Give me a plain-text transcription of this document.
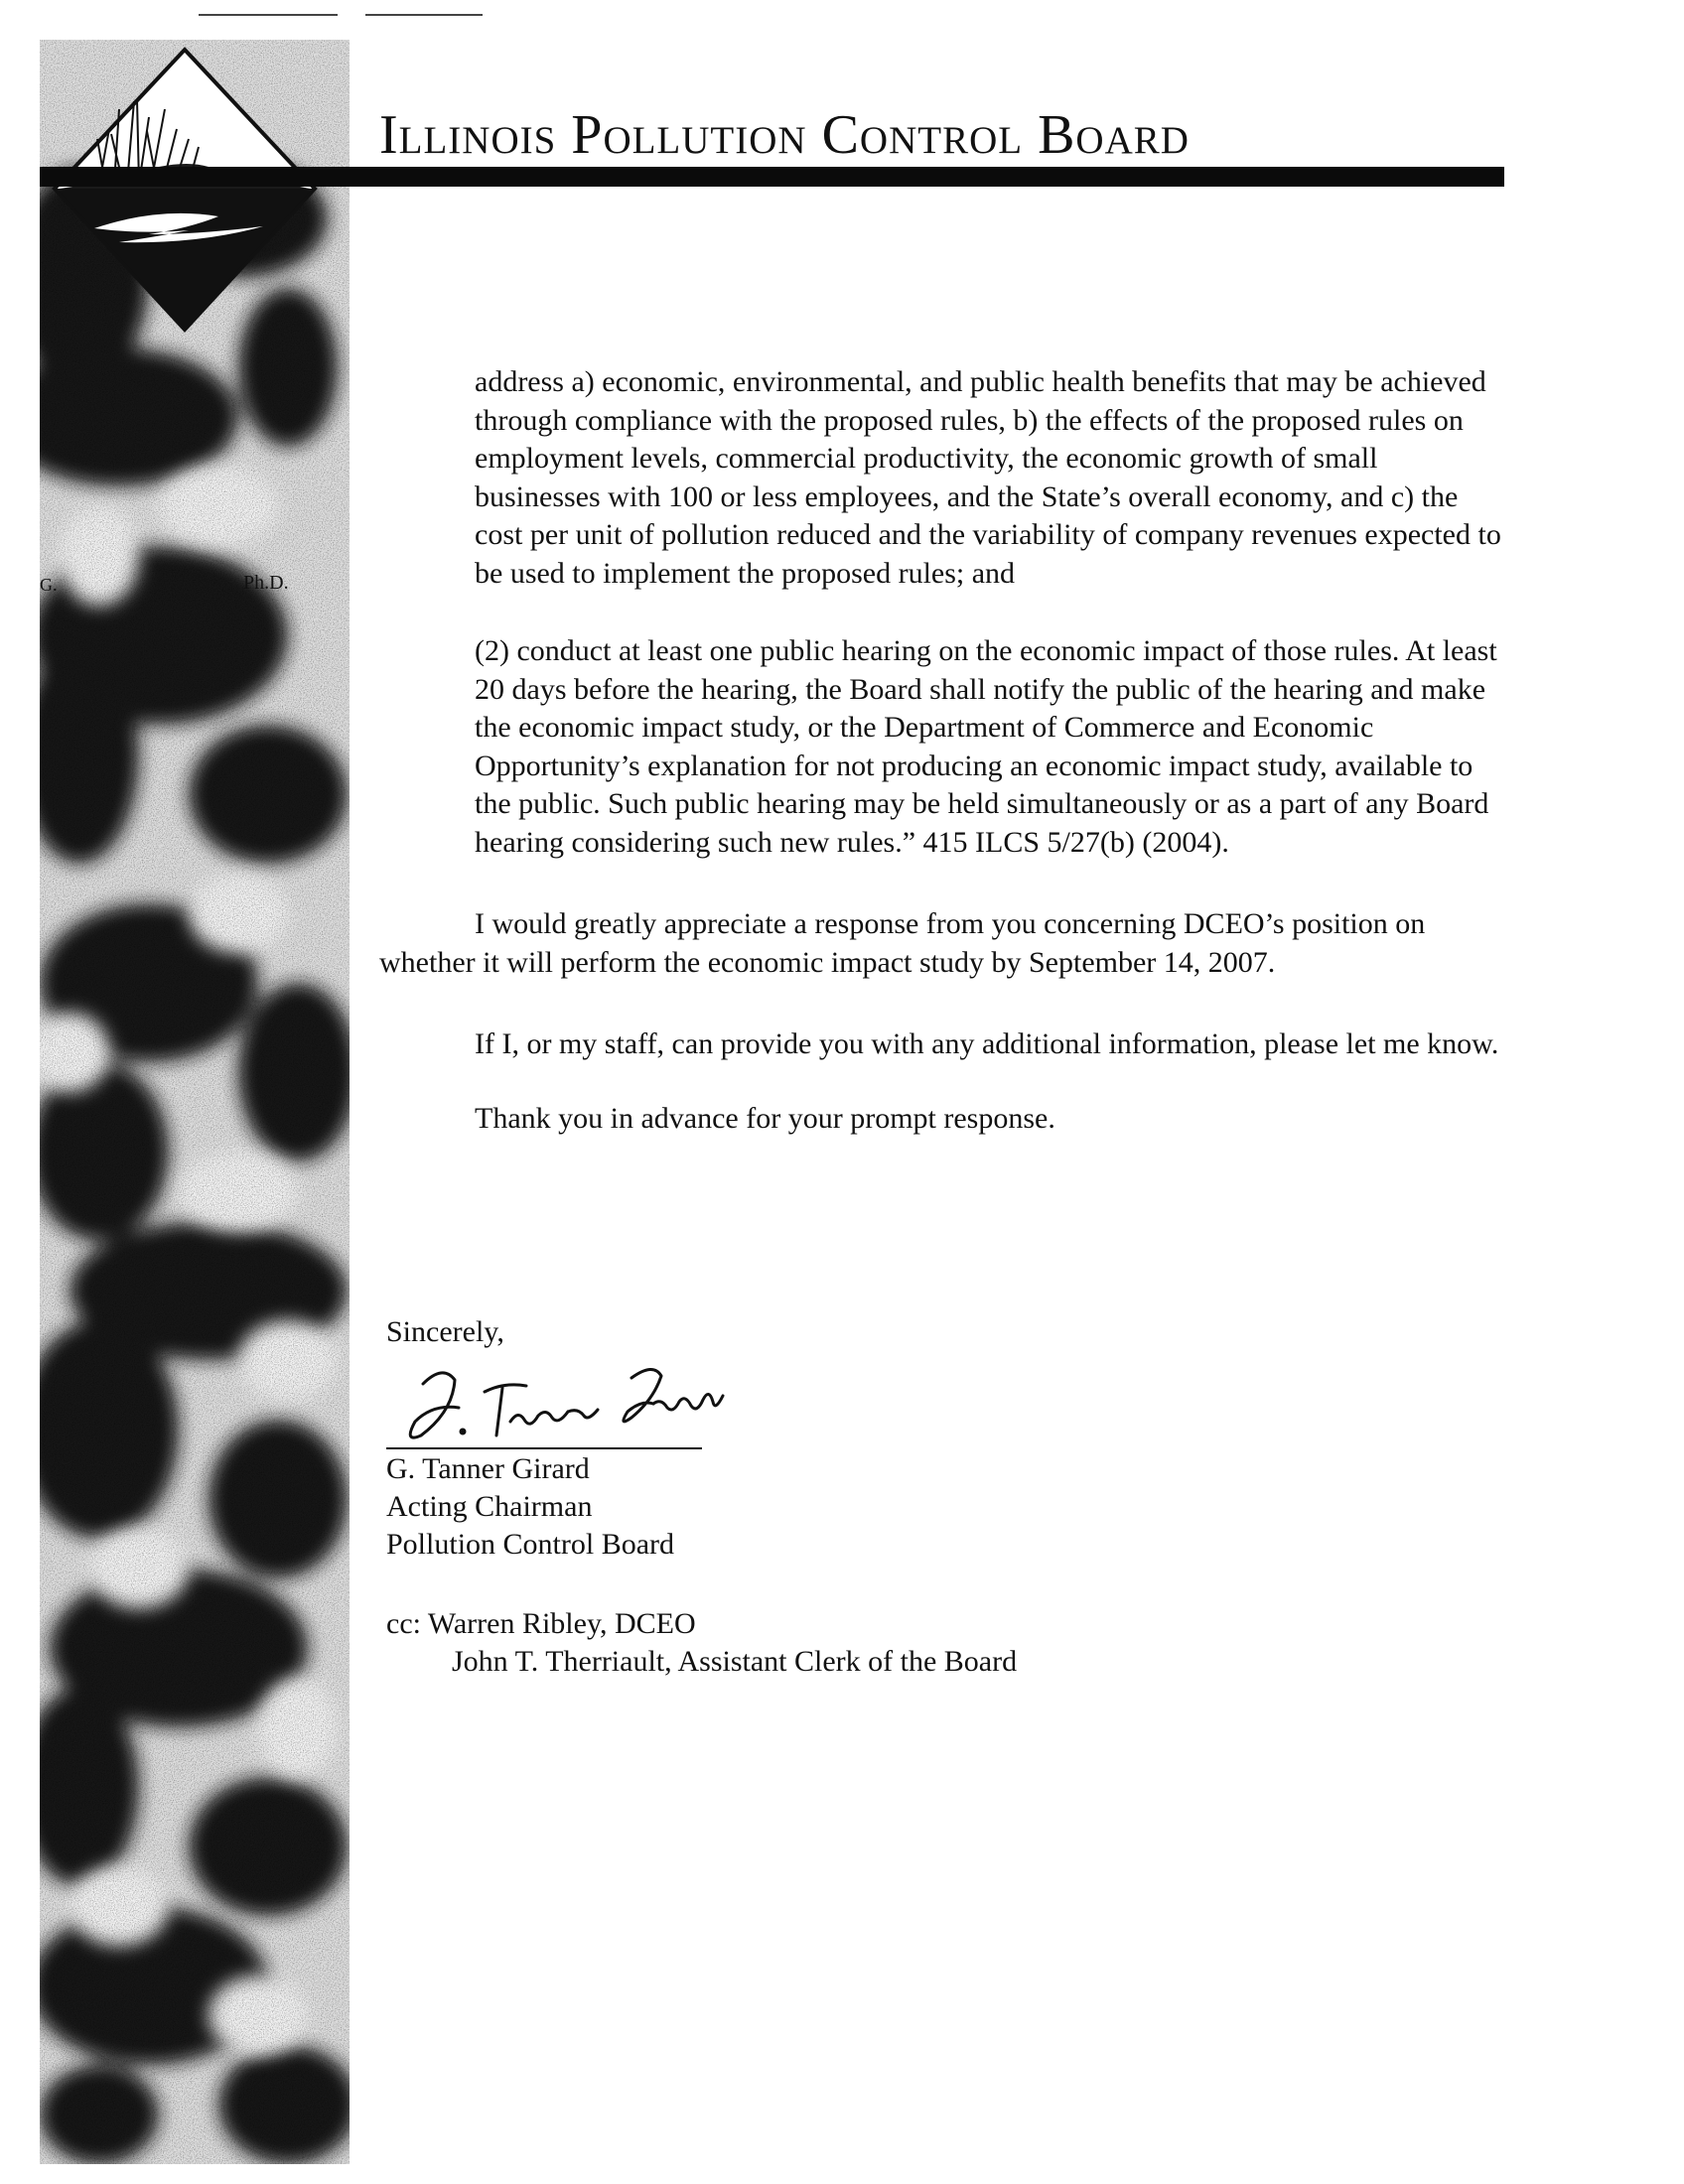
G.	Ph.D.
Illinois Pollution Control Board

address a) economic, environmental, and public health benefits that may be achieved through compliance with the proposed rules, b) the effects of the proposed rules on employment levels, commercial productivity, the economic growth of small businesses with 100 or less employees, and the State’s overall economy, and c) the cost per unit of pollution reduced and the variability of company revenues expected to be used to implement the proposed rules; and

(2) conduct at least one public hearing on the economic impact of those rules. At least 20 days before the hearing, the Board shall notify the public of the hearing and make the economic impact study, or the Department of Commerce and Economic Opportunity’s explanation for not producing an economic impact study, available to the public. Such public hearing may be held simultaneously or as a part of any Board hearing considering such new rules.” 415 ILCS 5/27(b) (2004).

I would greatly appreciate a response from you concerning DCEO’s position on whether it will perform the economic impact study by September 14, 2007.

If I, or my staff, can provide you with any additional information, please let me know.

Thank you in advance for your prompt response.

Sincerely,
G. Tanner Girard
Acting Chairman
Pollution Control Board
cc: Warren Ribley, DCEO
John T. Therriault, Assistant Clerk of the Board
